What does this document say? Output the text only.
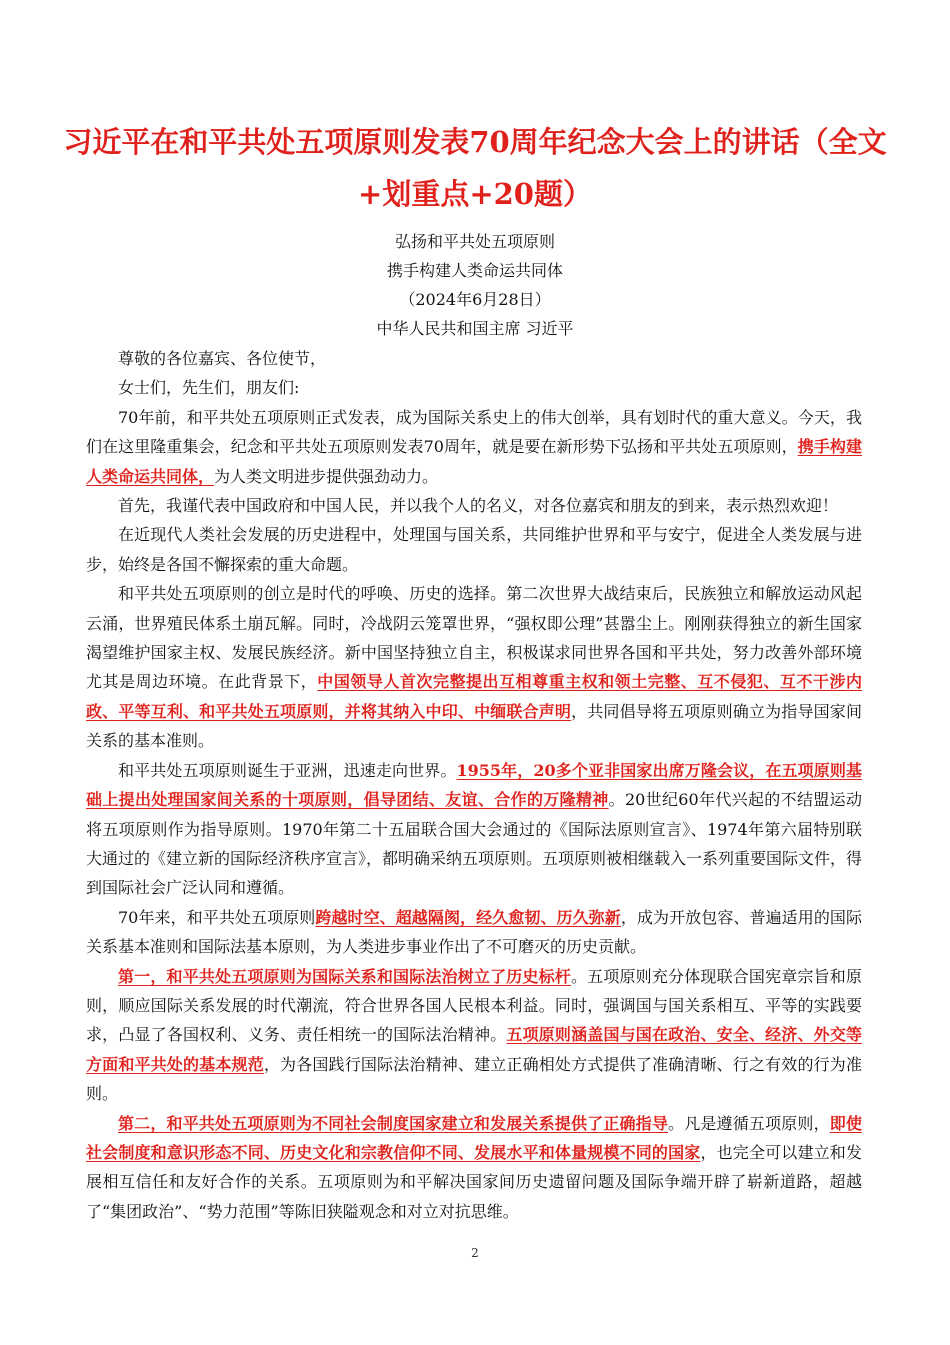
习近平在和平共处五项原则发表70周年纪念大会上的讲话（全文+划重点+20题）
弘扬和平共处五项原则
携手构建人类命运共同体
（2024年6月28日）
中华人民共和国主席 习近平

尊敬的各位嘉宾、各位使节，

女士们，先生们，朋友们:

70年前，和平共处五项原则正式发表，成为国际关系史上的伟大创举，具有划时代的重大意义。今天，我们在这里隆重集会，纪念和平共处五项原则发表70周年，就是要在新形势下弘扬和平共处五项原则，携手构建人类命运共同体，为人类文明进步提供强劲动力。

首先，我谨代表中国政府和中国人民，并以我个人的名义，对各位嘉宾和朋友的到来，表示热烈欢迎！

在近现代人类社会发展的历史进程中，处理国与国关系，共同维护世界和平与安宁，促进全人类发展与进步，始终是各国不懈探索的重大命题。

和平共处五项原则的创立是时代的呼唤、历史的选择。第二次世界大战结束后，民族独立和解放运动风起云涌，世界殖民体系土崩瓦解。同时，冷战阴云笼罩世界，“强权即公理”甚嚣尘上。刚刚获得独立的新生国家渴望维护国家主权、发展民族经济。新中国坚持独立自主，积极谋求同世界各国和平共处，努力改善外部环境尤其是周边环境。在此背景下，中国领导人首次完整提出互相尊重主权和领土完整、互不侵犯、互不干涉内政、平等互利、和平共处五项原则，并将其纳入中印、中缅联合声明，共同倡导将五项原则确立为指导国家间关系的基本准则。

和平共处五项原则诞生于亚洲，迅速走向世界。1955年，20多个亚非国家出席万隆会议，在五项原则基础上提出处理国家间关系的十项原则，倡导团结、友谊、合作的万隆精神。20世纪60年代兴起的不结盟运动将五项原则作为指导原则。1970年第二十五届联合国大会通过的《国际法原则宣言》、1974年第六届特别联大通过的《建立新的国际经济秩序宣言》，都明确采纳五项原则。五项原则被相继载入一系列重要国际文件，得到国际社会广泛认同和遵循。

70年来，和平共处五项原则跨越时空、超越隔阂，经久愈韧、历久弥新，成为开放包容、普遍适用的国际关系基本准则和国际法基本原则，为人类进步事业作出了不可磨灭的历史贡献。

第一，和平共处五项原则为国际关系和国际法治树立了历史标杆。五项原则充分体现联合国宪章宗旨和原则，顺应国际关系发展的时代潮流，符合世界各国人民根本利益。同时，强调国与国关系相互、平等的实践要求，凸显了各国权利、义务、责任相统一的国际法治精神。五项原则涵盖国与国在政治、安全、经济、外交等方面和平共处的基本规范，为各国践行国际法治精神、建立正确相处方式提供了准确清晰、行之有效的行为准则。

第二，和平共处五项原则为不同社会制度国家建立和发展关系提供了正确指导。凡是遵循五项原则，即使社会制度和意识形态不同、历史文化和宗教信仰不同、发展水平和体量规模不同的国家，也完全可以建立和发展相互信任和友好合作的关系。五项原则为和平解决国家间历史遗留问题及国际争端开辟了崭新道路，超越了“集团政治”、“势力范围”等陈旧狭隘观念和对立对抗思维。

2
